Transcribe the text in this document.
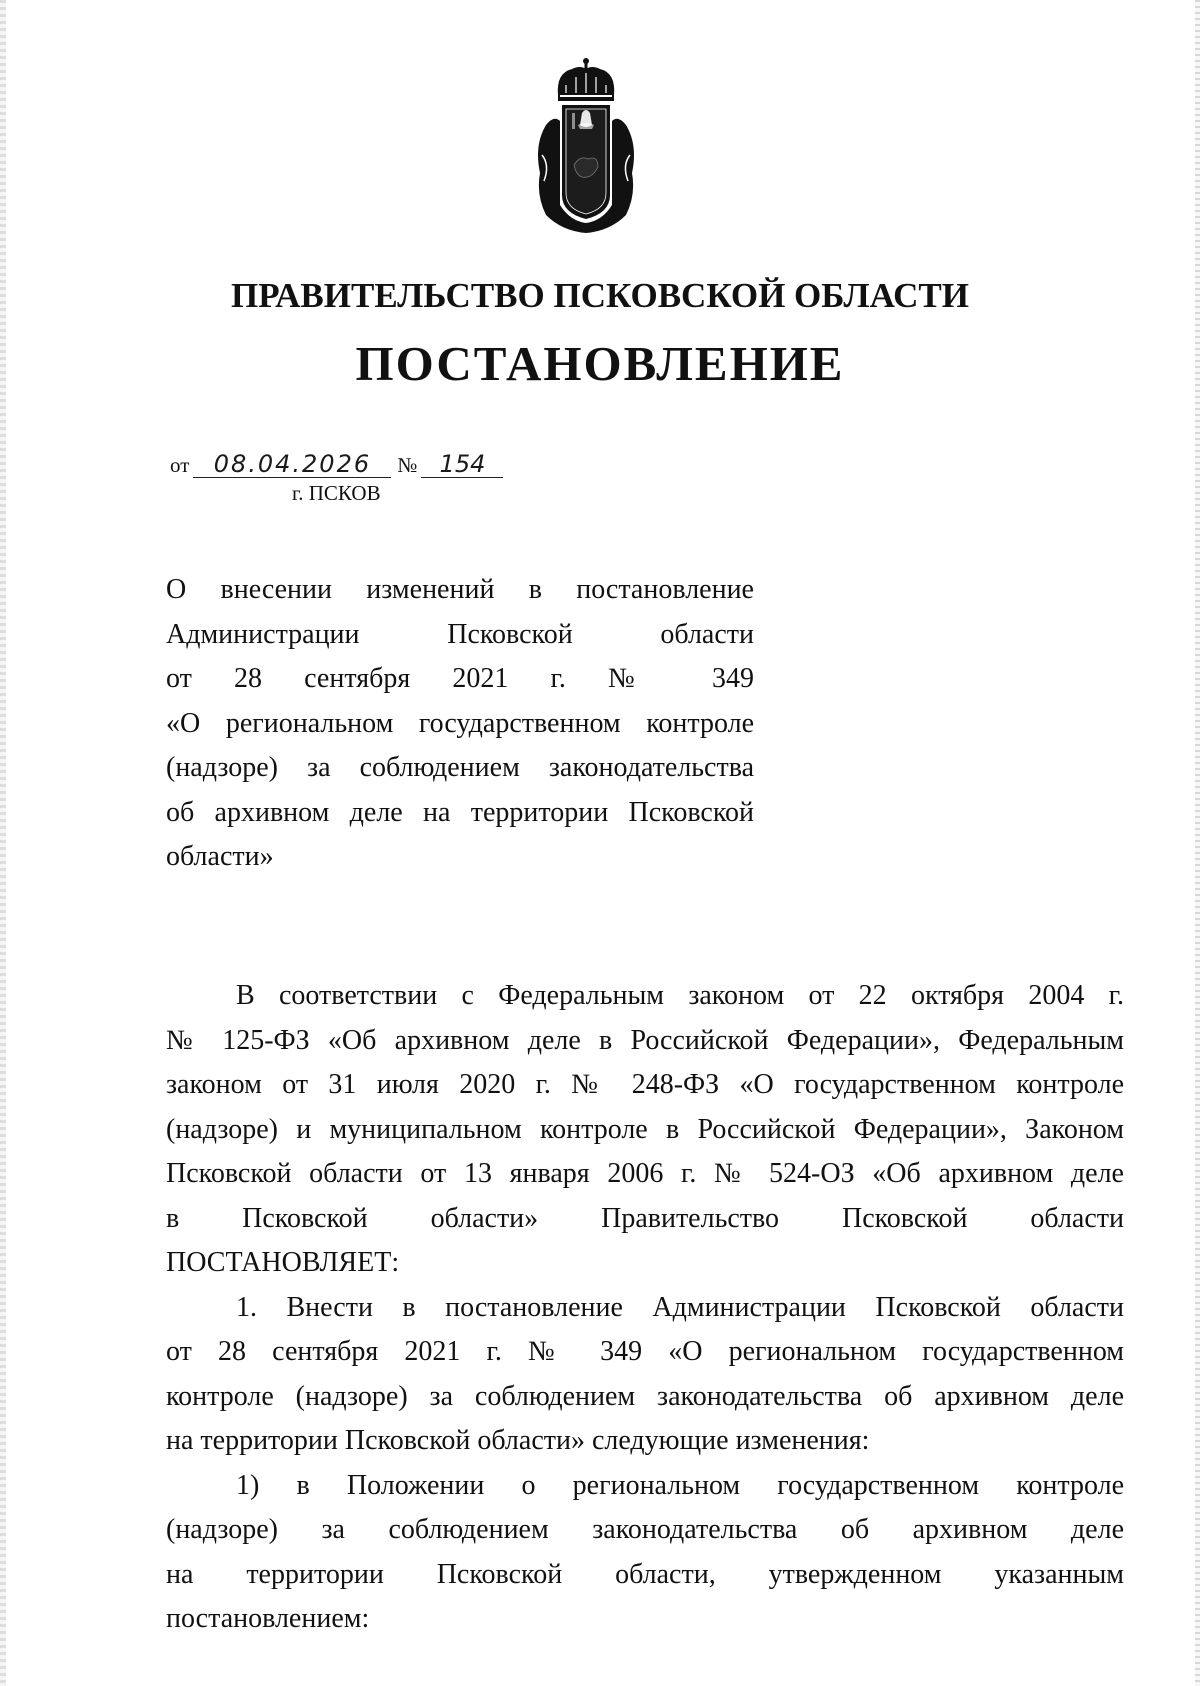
ПРАВИТЕЛЬСТВО ПСКОВСКОЙ ОБЛАСТИ
ПОСТАНОВЛЕНИЕ
от 08.04.2026 № 154
г. ПСКОВ
О внесении изменений в постановление
Администрации Псковской области
от 28 сентября 2021 г. № 349
«О региональном государственном контроле
(надзоре) за соблюдением законодательства
об архивном деле на территории Псковской
области»
В соответствии с Федеральным законом от 22 октября 2004 г.
№ 125-ФЗ «Об архивном деле в Российской Федерации», Федеральным
законом от 31 июля 2020 г. № 248-ФЗ «О государственном контроле
(надзоре) и муниципальном контроле в Российской Федерации», Законом
Псковской области от 13 января 2006 г. № 524-ОЗ «Об архивном деле
в Псковской области» Правительство Псковской области
ПОСТАНОВЛЯЕТ:
1. Внести в постановление Администрации Псковской области
от 28 сентября 2021 г. № 349 «О региональном государственном
контроле (надзоре) за соблюдением законодательства об архивном деле
на территории Псковской области» следующие изменения:
1) в Положении о региональном государственном контроле
(надзоре) за соблюдением законодательства об архивном деле
на территории Псковской области, утвержденном указанным
постановлением:
